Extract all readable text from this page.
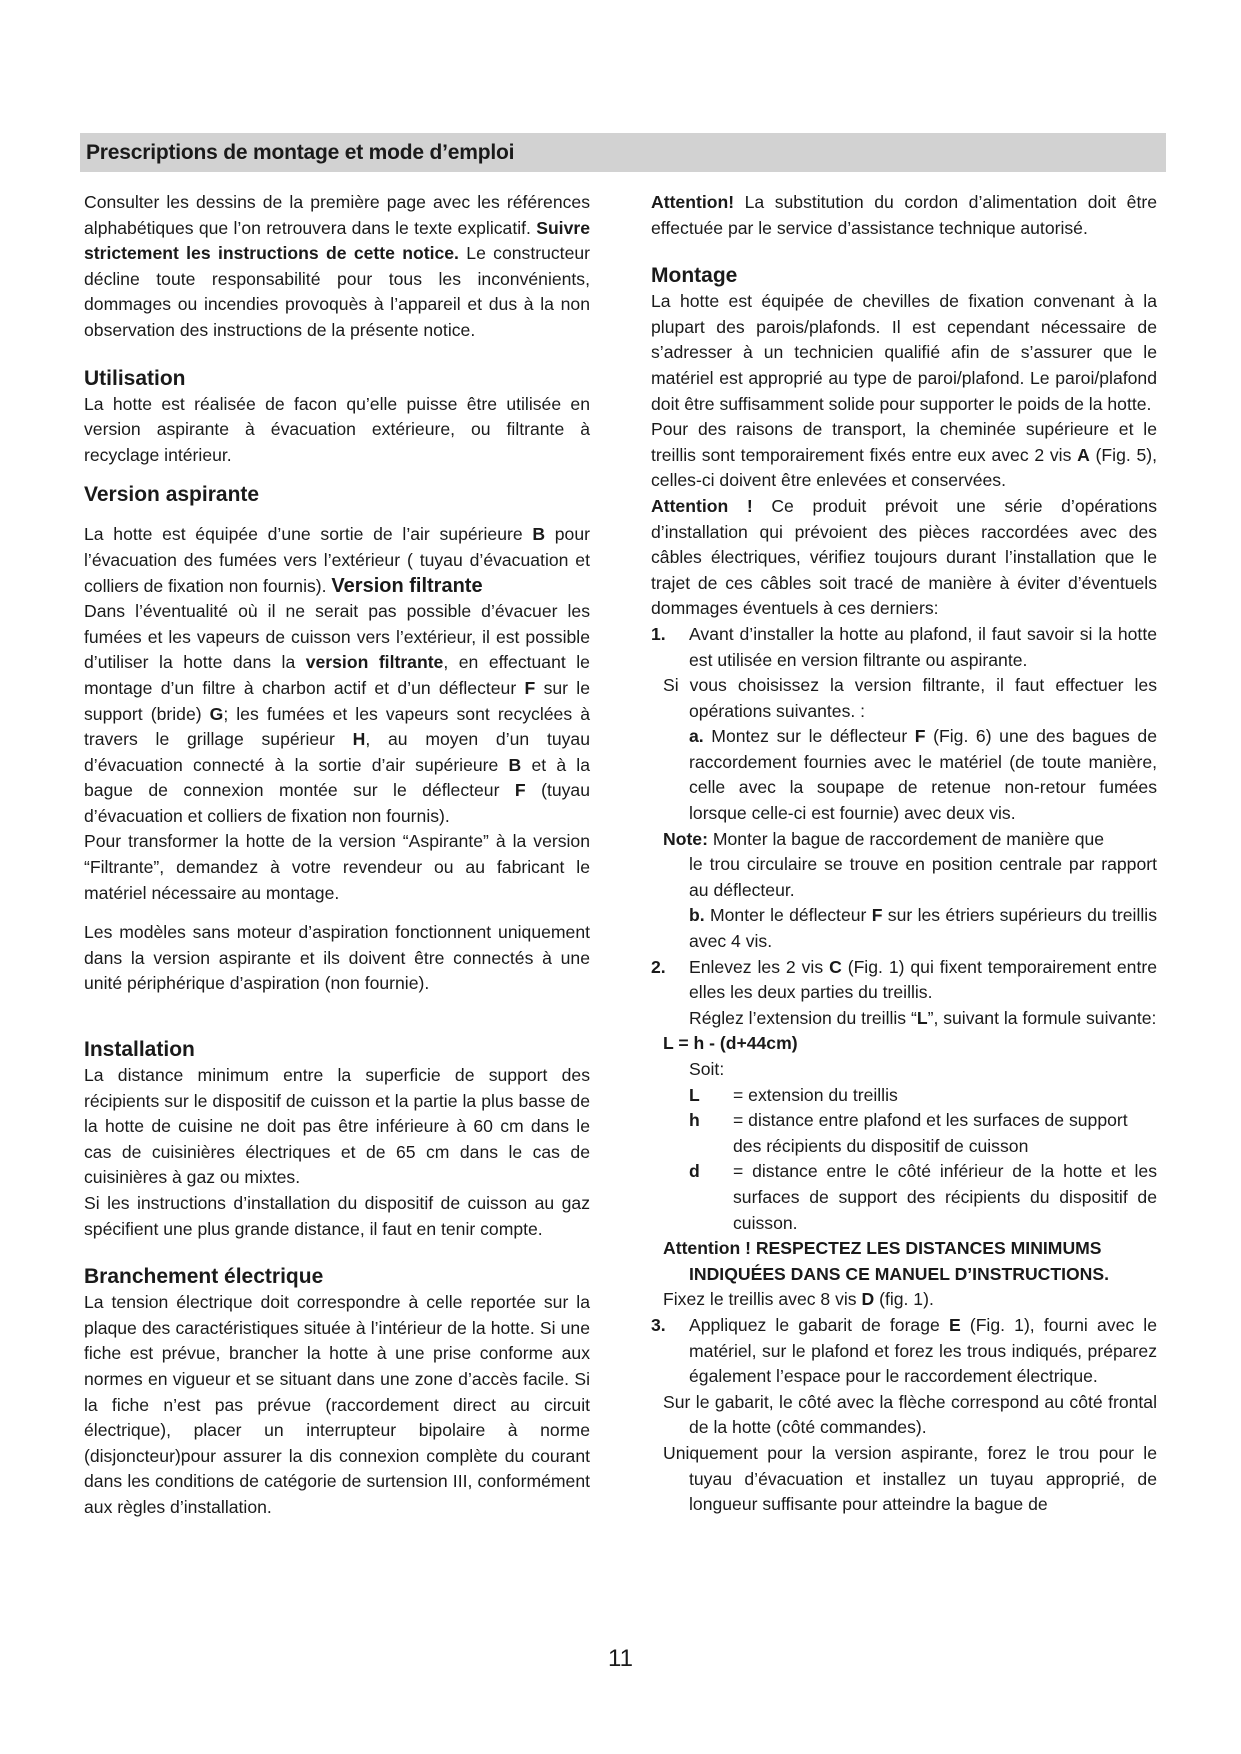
Prescriptions de montage et mode d’emploi

Consulter les dessins de la première page avec les références alphabétiques que l’on retrouvera dans le texte explicatif. Suivre strictement les instructions de cette notice. Le constructeur décline toute responsabilité pour tous les inconvénients, dommages ou incendies provoquès à l’appareil et dus à la non observation des instructions de la présente notice.

Utilisation

La hotte est réalisée de facon qu’elle puisse être utilisée en version aspirante à évacuation extérieure, ou filtrante à recyclage intérieur.

Version aspirante

La hotte est équipée d’une sortie de l’air supérieure B pour l’évacuation des fumées vers l’extérieur ( tuyau d’évacuation et colliers de fixation non fournis). Version filtrante

Dans l’éventualité où il ne serait pas possible d’évacuer les fumées et les vapeurs de cuisson vers l’extérieur, il est possible d’utiliser la hotte dans la version filtrante, en effectuant le montage d’un filtre à charbon actif et d’un déflecteur F sur le support (bride) G; les fumées et les vapeurs sont recyclées à travers le grillage supérieur H, au moyen d’un tuyau d’évacuation connecté à la sortie d’air supérieure B et à la bague de connexion montée sur le déflecteur F (tuyau d’évacuation et colliers de fixation non fournis).

Pour transformer la hotte de la version “Aspirante” à la version “Filtrante”, demandez à votre revendeur ou au fabricant le matériel nécessaire au montage.

Les modèles sans moteur d’aspiration fonctionnent uniquement dans la version aspirante et ils doivent être connectés à une unité périphérique d’aspiration (non fournie).

Installation

La distance minimum entre la superficie de support des récipients sur le dispositif de cuisson et la partie la plus basse de la hotte de cuisine ne doit pas être inférieure à 60 cm dans le cas de cuisinières électriques et de 65 cm dans le cas de cuisinières à gaz ou mixtes.

Si les instructions d’installation du dispositif de cuisson au gaz spécifient une plus grande distance, il faut en tenir compte.

Branchement électrique

La tension électrique doit correspondre à celle reportée sur la plaque des caractéristiques située à l’intérieur de la hotte. Si une fiche est prévue, brancher la hotte à une prise conforme aux normes en vigueur et se situant dans une zone d’accès facile. Si la fiche n’est pas prévue (raccordement direct au circuit électrique), placer un interrupteur bipolaire à norme (disjoncteur)pour assurer la dis connexion complète du courant dans les conditions de catégorie de surtension III, conformément aux règles d’installation.

Attention! La substitution du cordon d’alimentation doit être effectuée par le service d’assistance technique autorisé.

Montage

La hotte est équipée de chevilles de fixation convenant à la plupart des parois/plafonds. Il est cependant nécessaire de s’adresser à un technicien qualifié afin de s’assurer que le matériel est approprié au type de paroi/plafond. Le paroi/plafond doit être suffisamment solide pour supporter le poids de la hotte.

Pour des raisons de transport, la cheminée supérieure et le treillis sont temporairement fixés entre eux avec 2 vis A (Fig. 5), celles-ci doivent être enlevées et conservées.

Attention ! Ce produit prévoit une série d’opérations d’installation qui prévoient des pièces raccordées avec des câbles électriques, vérifiez toujours durant l’installation que le trajet de ces câbles soit tracé de manière à éviter d’éventuels dommages éventuels à ces derniers:

1.	Avant d’installer la hotte au plafond, il faut savoir si la hotte est utilisée en version filtrante ou aspirante.

Si vous choisissez la version filtrante, il faut effectuer les opérations suivantes. :

a. Montez sur le déflecteur F (Fig. 6) une des bagues de raccordement fournies avec le matériel (de toute manière, celle avec la soupape de retenue non-retour fumées lorsque celle-ci est fournie) avec deux vis.

Note: Monter la bague de raccordement de manière que

le trou circulaire se trouve en position centrale par rapport au déflecteur.

b. Monter le déflecteur F sur les étriers supérieurs du treillis avec 4 vis.

2.	Enlevez les 2 vis C (Fig. 1) qui fixent temporairement entre elles les deux parties du treillis.

Réglez l’extension du treillis “L”, suivant la formule suivante:

L = h - (d+44cm)

Soit:

L	= extension du treillis
h	= distance entre plafond et les surfaces de support des récipients du dispositif de cuisson
d	= distance entre le côté inférieur de la hotte et les surfaces de support des récipients du dispositif de cuisson.

Attention ! RESPECTEZ LES DISTANCES MINIMUMS

INDIQUÉES DANS CE MANUEL D’INSTRUCTIONS.

Fixez le treillis avec 8 vis D (fig. 1).

3.	Appliquez le gabarit de forage E (Fig. 1), fourni avec le matériel, sur le plafond et forez les trous indiqués, préparez également l’espace pour le raccordement électrique.

Sur le gabarit, le côté avec la flèche correspond au côté frontal de la hotte (côté commandes).

Uniquement pour la version aspirante, forez le trou pour le tuyau d’évacuation et installez un tuyau approprié, de longueur suffisante pour atteindre la bague de

11
